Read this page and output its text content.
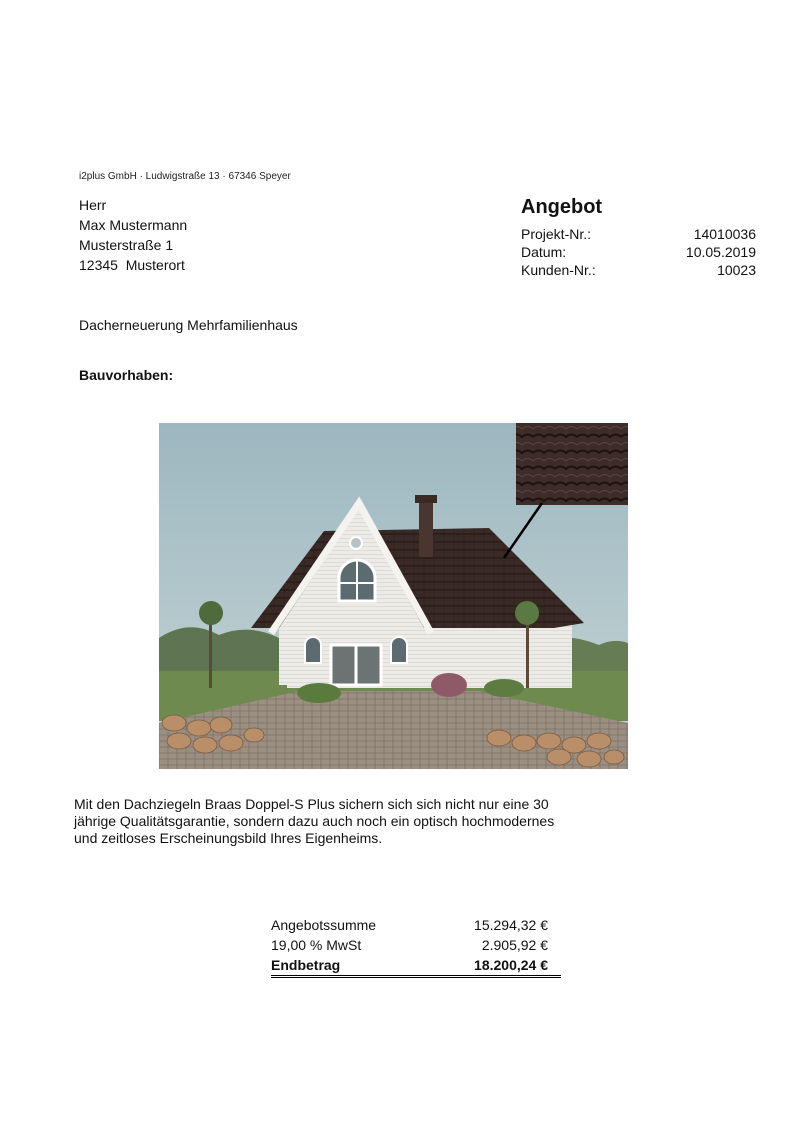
i2plus GmbH · Ludwigstraße 13 · 67346 Speyer
Herr
Max Mustermann
Musterstraße 1
12345  Musterort
Angebot
Projekt-Nr.:	14010036
Datum:	10.05.2019
Kunden-Nr.:	10023
Dacherneuerung Mehrfamilienhaus
Bauvorhaben:
Mit den Dachziegeln Braas Doppel-S Plus sichern sich sich nicht nur eine 30
jährige Qualitätsgarantie, sondern dazu auch noch ein optisch hochmodernes
und zeitloses Erscheinungsbild Ihres Eigenheims.
Angebotssumme	15.294,32 €
19,00 % MwSt	2.905,92 €
Endbetrag	18.200,24 €
